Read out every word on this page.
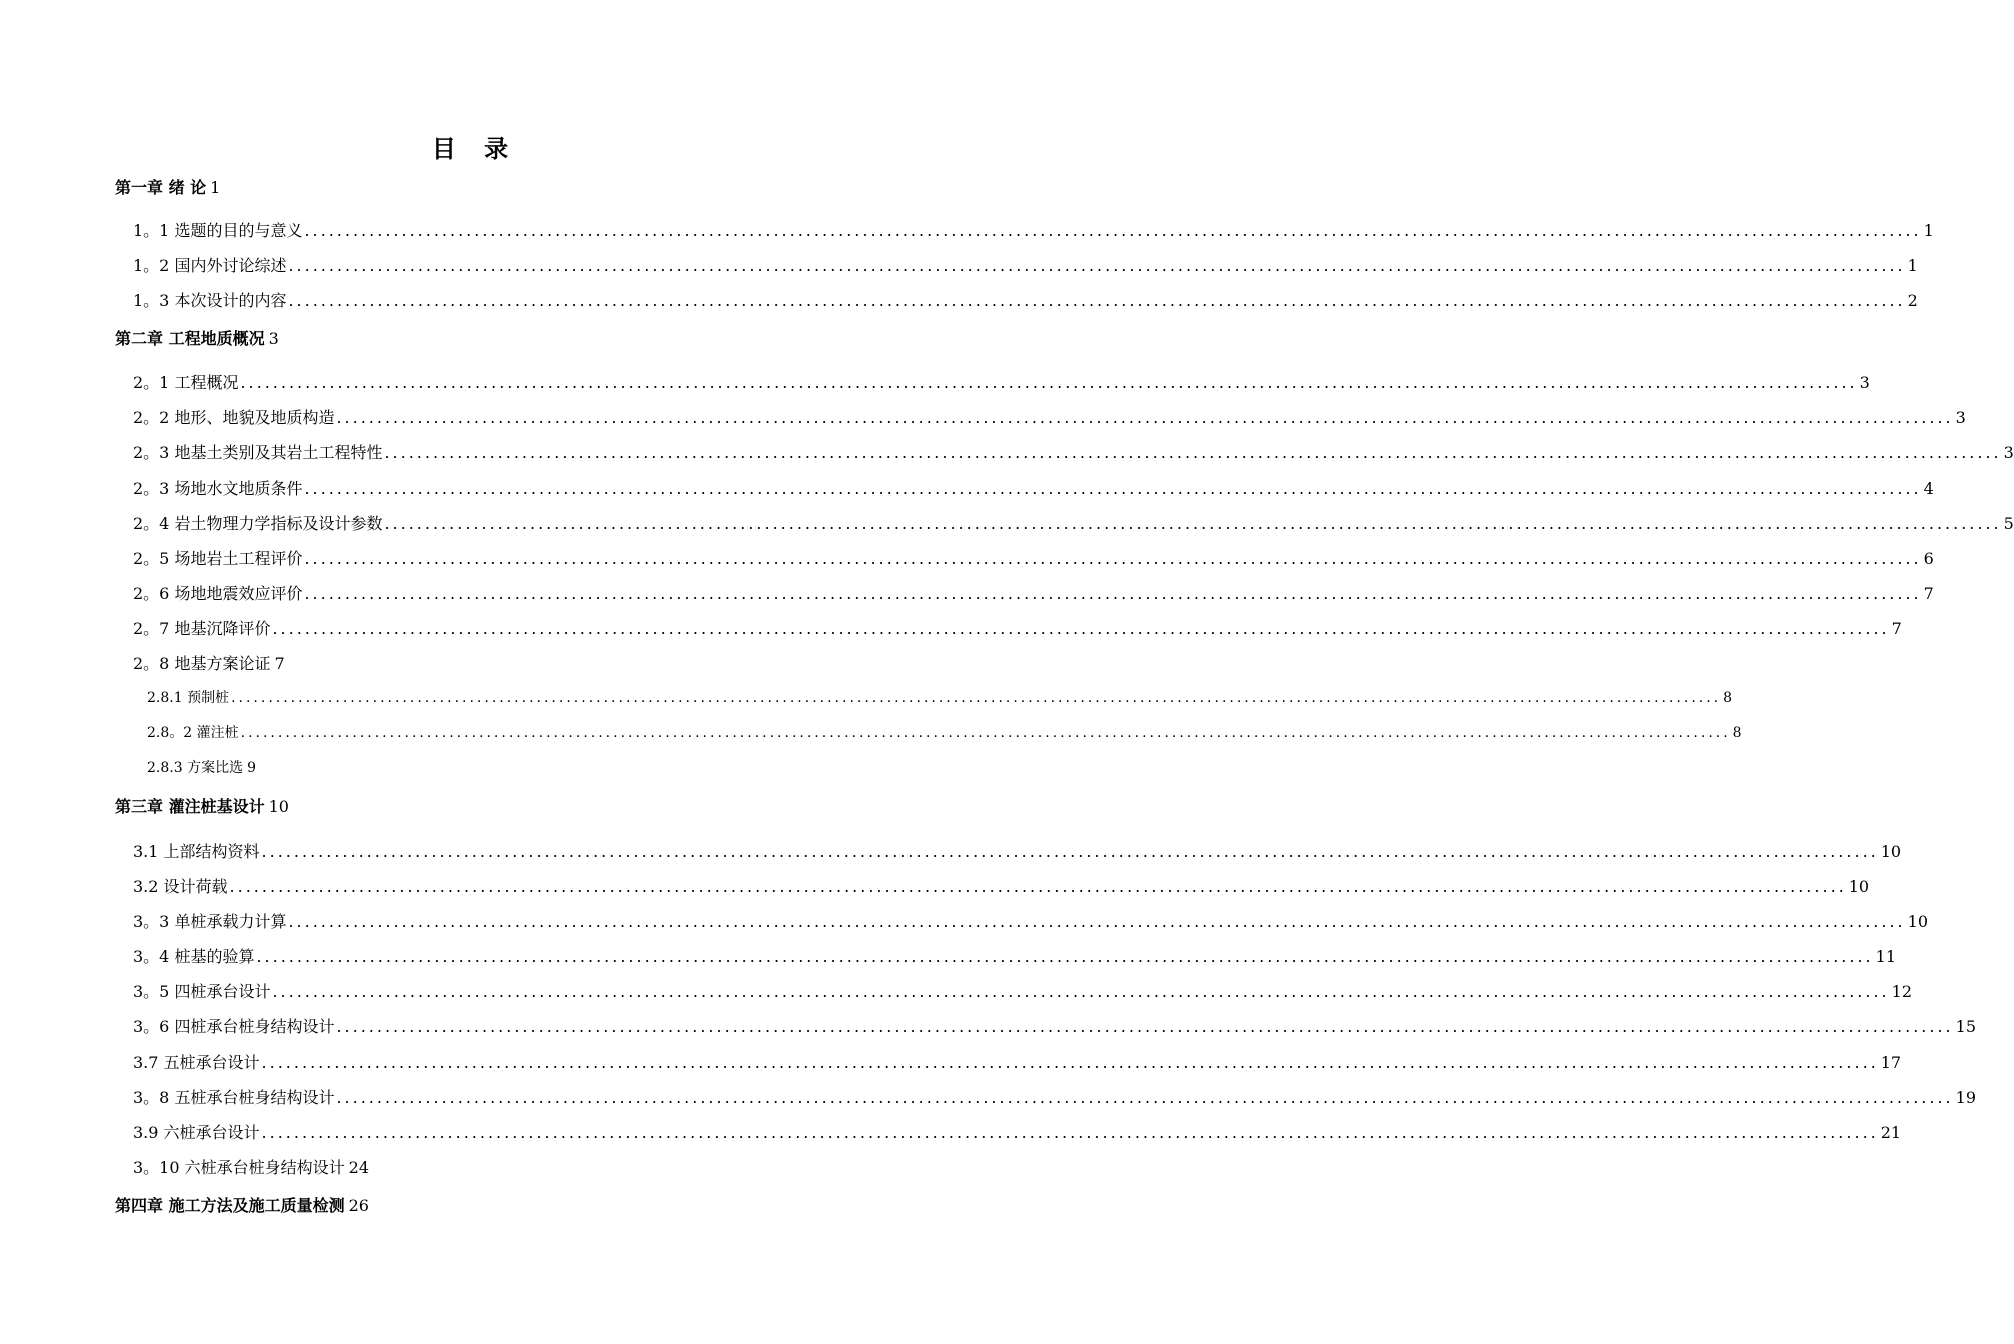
目 录
第一章 绪 论 1
1。1 选题的目的与意义 ........................................................................................................................................................................................................ 1
1。2 国内外讨论综述 ........................................................................................................................................................................................................ 1
1。3 本次设计的内容 ........................................................................................................................................................................................................ 2
第二章 工程地质概况 3
2。1 工程概况 ........................................................................................................................................................................................................ 3
2。2 地形、地貌及地质构造 ........................................................................................................................................................................................................ 3
2。3 地基土类别及其岩土工程特性 ........................................................................................................................................................................................................ 3
2。3 场地水文地质条件 ........................................................................................................................................................................................................ 4
2。4 岩土物理力学指标及设计参数 ........................................................................................................................................................................................................ 5
2。5 场地岩土工程评价 ........................................................................................................................................................................................................ 6
2。6 场地地震效应评价 ........................................................................................................................................................................................................ 7
2。7 地基沉降评价 ........................................................................................................................................................................................................ 7
2。8 地基方案论证 7
2.8.1 预制桩 ........................................................................................................................................................................................................ 8
2.8。2 灌注桩 ........................................................................................................................................................................................................ 8
2.8.3 方案比选 9
第三章 灌注桩基设计 10
3.1 上部结构资料 ........................................................................................................................................................................................................ 10
3.2 设计荷载 ........................................................................................................................................................................................................ 10
3。3 单桩承载力计算 ........................................................................................................................................................................................................ 10
3。4 桩基的验算 ........................................................................................................................................................................................................ 11
3。5 四桩承台设计 ........................................................................................................................................................................................................ 12
3。6 四桩承台桩身结构设计 ........................................................................................................................................................................................................ 15
3.7 五桩承台设计 ........................................................................................................................................................................................................ 17
3。8 五桩承台桩身结构设计 ........................................................................................................................................................................................................ 19
3.9 六桩承台设计 ........................................................................................................................................................................................................ 21
3。10 六桩承台桩身结构设计 24
第四章 施工方法及施工质量检测 26
